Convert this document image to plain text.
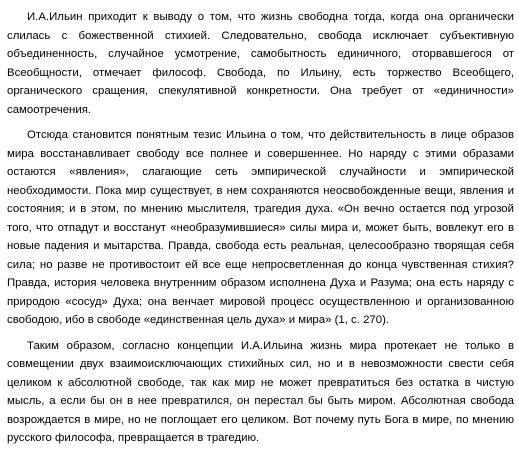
И.А.Ильин приходит к выводу о том, что жизнь свободна тогда, когда она органически слилась с божественной стихией. Следовательно, свобода исключает субъективную объединенность, случайное усмотрение, самобытность единичного, оторвавшегося от Всеобщности, отмечает философ. Свобода, по Ильину, есть торжество Всеобщего, органического сращения, спекулятивной конкретности. Она требует от «единичности» самоотречения.

Отсюда становится понятным тезис Ильина о том, что действительность в лице образов мира восстанавливает свободу все полнее и совершеннее. Но наряду с этими образами остаются «явления», слагающие сеть эмпирической случайности и эмпирической необходимости. Пока мир существует, в нем сохраняются неосвобожденные вещи, явления и состояния; и в этом, по мнению мыслителя, трагедия духа. «Он вечно остается под угрозой того, что отпадут и восстанут «необразумившиеся» силы мира и, может быть, вовлекут его в новые падения и мытарства. Правда, свобода есть реальная, целесообразно творящая себя сила; но разве не противостоит ей все еще непросветленная до конца чувственная стихия? Правда, история человека внутренним образом исполнена Духа и Разума; она есть наряду с природою «сосуд» Духа; она венчает мировой процесс осуществленною и организованною свободою, ибо в свободе «единственная цель духа» и мира» (1, с. 270).

Таким образом, согласно концепции И.А.Ильина жизнь мира протекает не только в совмещении двух взаимоисключающих стихийных сил, но и в невозможности свести себя целиком к абсолютной свободе, так как мир не может превратиться без остатка в чистую мысль, а если бы он в нее превратился, он перестал бы быть миром. Абсолютная свобода возрождается в мире, но не поглощает его целиком. Вот почему путь Бога в мире, по мнению русского философа, превращается в трагедию.
